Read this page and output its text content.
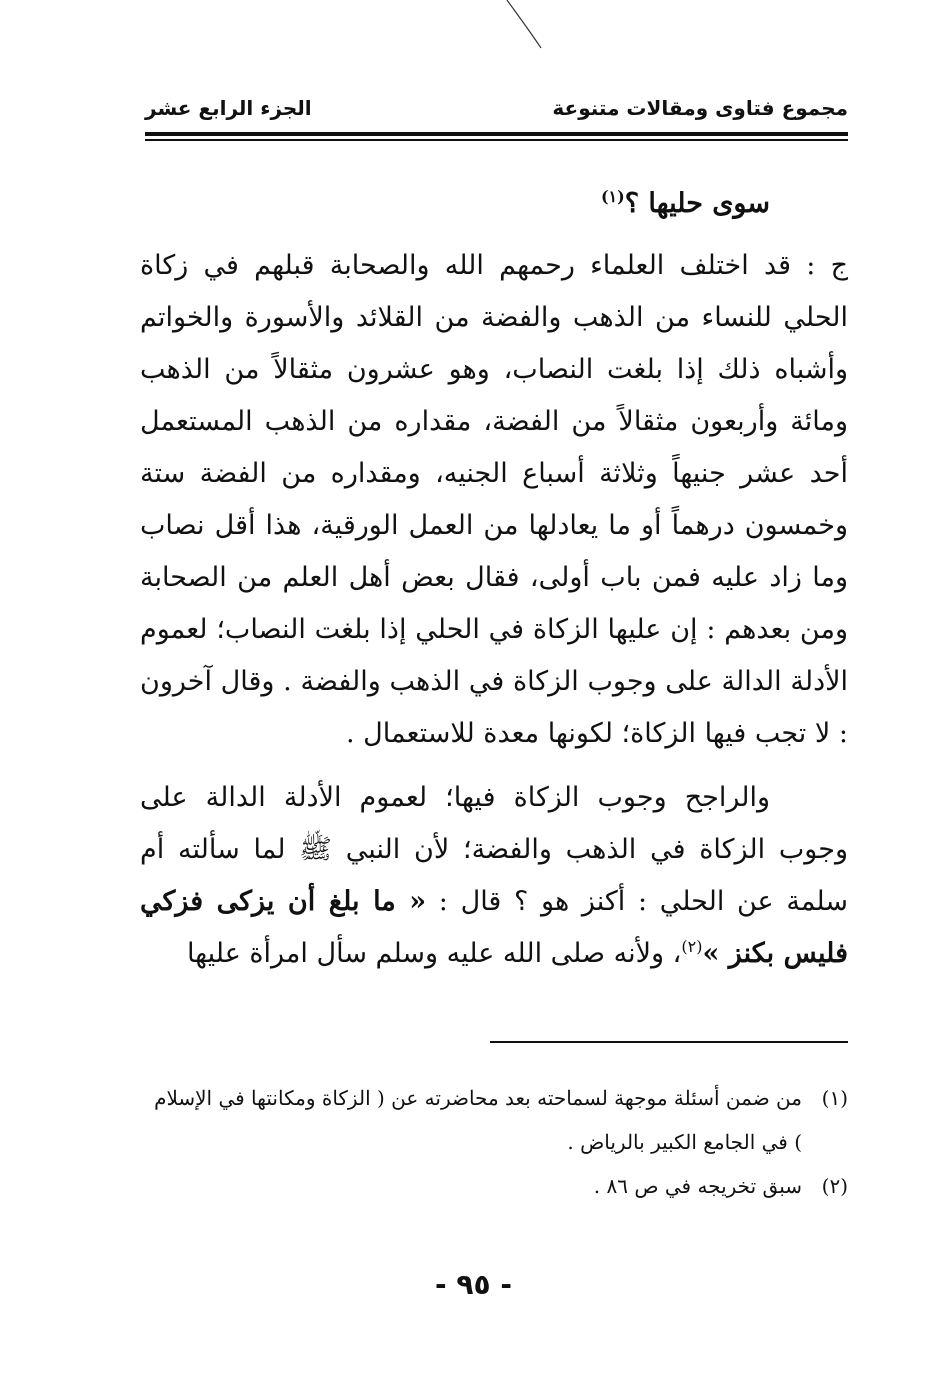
مجموع فتاوى ومقالات متنوعة
الجزء الرابع عشر

سوى حليها ؟$^{(١)}$

ج : قد اختلف العلماء رحمهم الله والصحابة قبلهم في زكاة الحلي للنساء من الذهب والفضة من القلائد والأسورة والخواتم وأشباه ذلك إذا بلغت النصاب، وهو عشرون مثقالاً من الذهب ومائة وأربعون مثقالاً من الفضة، مقداره من الذهب المستعمل أحد عشر جنيهاً وثلاثة أسباع الجنيه، ومقداره من الفضة ستة وخمسون درهماً أو ما يعادلها من العمل الورقية، هذا أقل نصاب وما زاد عليه فمن باب أولى، فقال بعض أهل العلم من الصحابة ومن بعدهم : إن عليها الزكاة في الحلي إذا بلغت النصاب؛ لعموم الأدلة الدالة على وجوب الزكاة في الذهب والفضة . وقال آخرون : لا تجب فيها الزكاة؛ لكونها معدة للاستعمال .

والراجح وجوب الزكاة فيها؛ لعموم الأدلة الدالة على وجوب الزكاة في الذهب والفضة؛ لأن النبي ﷺ لما سألته أم سلمة عن الحلي : أكنز هو ؟ قال : « ما بلغ أن يزكى فزكي فليس بكنز »$^{(٢)}$، ولأنه صلى الله عليه وسلم سأل امرأة عليها

(١)
من ضمن أسئلة موجهة لسماحته بعد محاضرته عن ( الزكاة ومكانتها في الإسلام ) في الجامع الكبير بالرياض .
(٢)
سبق تخريجه في ص ٨٦ .
- ٩٥ -
